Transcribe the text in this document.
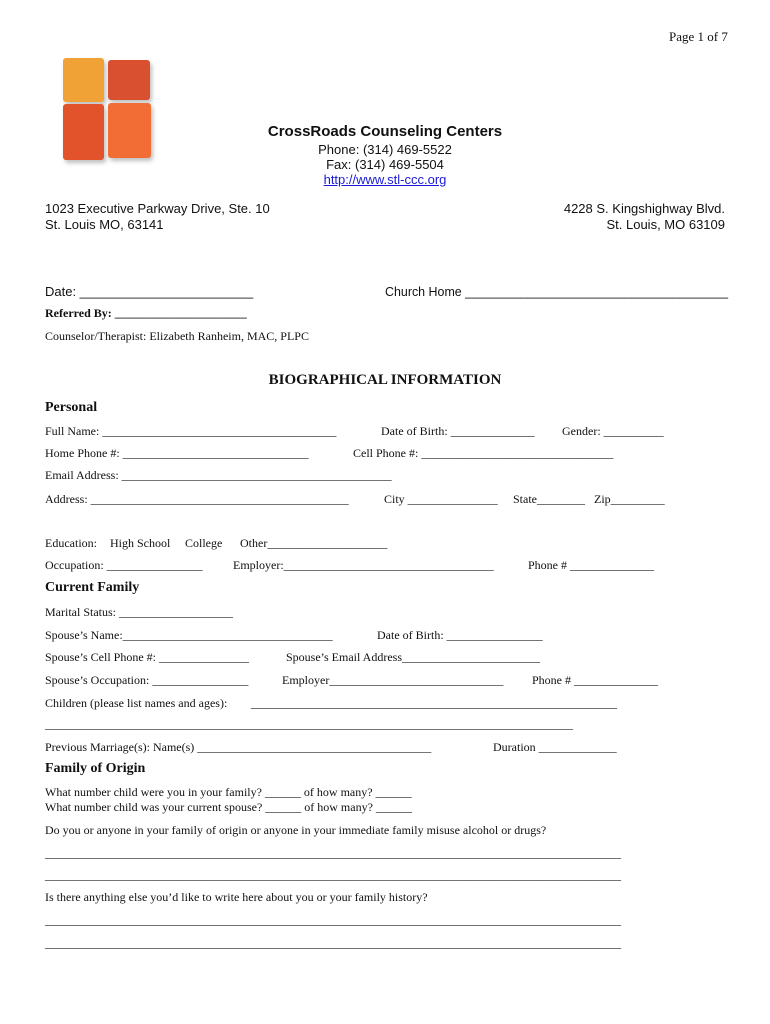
Page 1 of 7
CrossRoads Counseling Centers
Phone: (314) 469-5522
Fax: (314) 469-5504
http://www.stl-ccc.org
1023 Executive Parkway Drive, Ste. 10
St. Louis MO, 63141
4228 S. Kingshighway Blvd.
St. Louis, MO 63109
Date: ________________________	Church Home ______________________________________
Referred By: ______________________
Counselor/Therapist: Elizabeth Ranheim, MAC, PLPC
BIOGRAPHICAL INFORMATION
Personal
Full Name: _______________________________________	Date of Birth: ______________ Gender: __________
Home Phone #: _______________________________	Cell Phone #: ________________________________
Email Address: _____________________________________________
Address: ___________________________________________	City _______________ State________ Zip_________
Education: High School College Other____________________
Occupation: ________________	Employer:___________________________________	Phone # ______________
Current Family
Marital Status: ___________________
Spouse’s Name:___________________________________	Date of Birth: ________________
Spouse’s Cell Phone #: _______________	Spouse’s Email Address_______________________
Spouse’s Occupation: ________________	Employer_____________________________ Phone # ______________
Children (please list names and ages): _____________________________________________________________
________________________________________________________________________________________
Previous Marriage(s): Name(s) _______________________________________	Duration _____________
Family of Origin
What number child were you in your family? ______ of how many? ______
What number child was your current spouse? ______ of how many? ______
Do you or anyone in your family of origin or anyone in your immediate family misuse alcohol or drugs?
________________________________________________________________________________________________
________________________________________________________________________________________________
Is there anything else you’d like to write here about you or your family history?
________________________________________________________________________________________________
________________________________________________________________________________________________
